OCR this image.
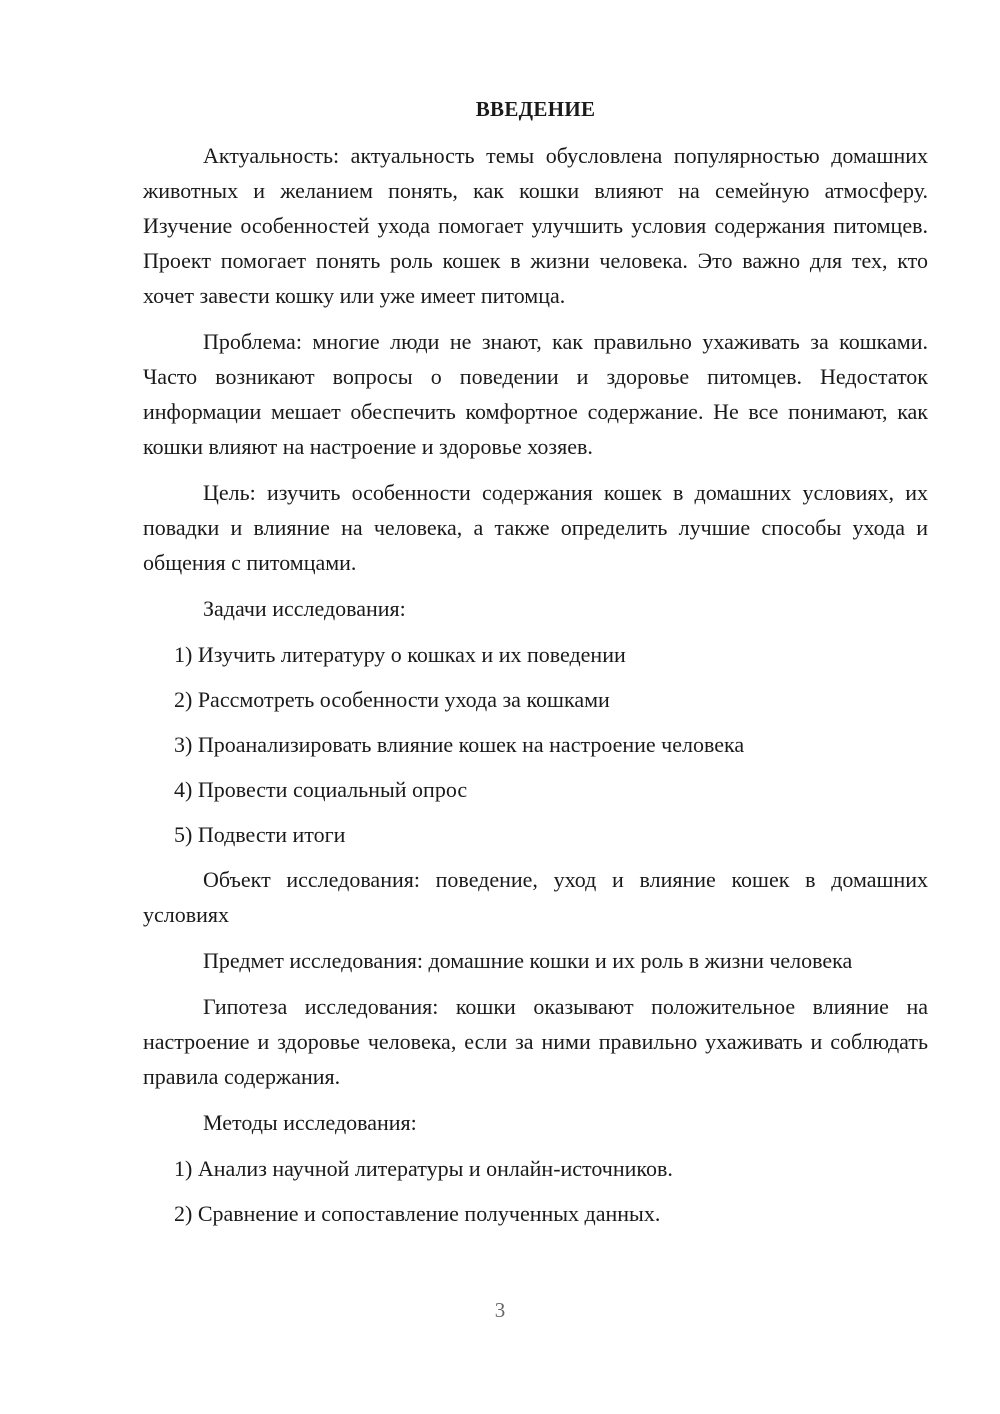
ВВЕДЕНИЕ

Актуальность: актуальность темы обусловлена популярностью домашних животных и желанием понять, как кошки влияют на семейную атмосферу. Изучение особенностей ухода помогает улучшить условия содержания питомцев. Проект помогает понять роль кошек в жизни человека. Это важно для тех, кто хочет завести кошку или уже имеет питомца.

Проблема: многие люди не знают, как правильно ухаживать за кошками. Часто возникают вопросы о поведении и здоровье питомцев. Недостаток информации мешает обеспечить комфортное содержание. Не все понимают, как кошки влияют на настроение и здоровье хозяев.

Цель: изучить особенности содержания кошек в домашних условиях, их повадки и влияние на человека, а также определить лучшие способы ухода и общения с питомцами.

Задачи исследования:

1) Изучить литературу о кошках и их поведении

2) Рассмотреть особенности ухода за кошками

3) Проанализировать влияние кошек на настроение человека

4) Провести социальный опрос

5) Подвести итоги

Объект исследования: поведение, уход и влияние кошек в домашних условиях

Предмет исследования: домашние кошки и их роль в жизни человека

Гипотеза исследования: кошки оказывают положительное влияние на настроение и здоровье человека, если за ними правильно ухаживать и соблюдать правила содержания.

Методы исследования:

1) Анализ научной литературы и онлайн-источников.

2) Сравнение и сопоставление полученных данных.

3
